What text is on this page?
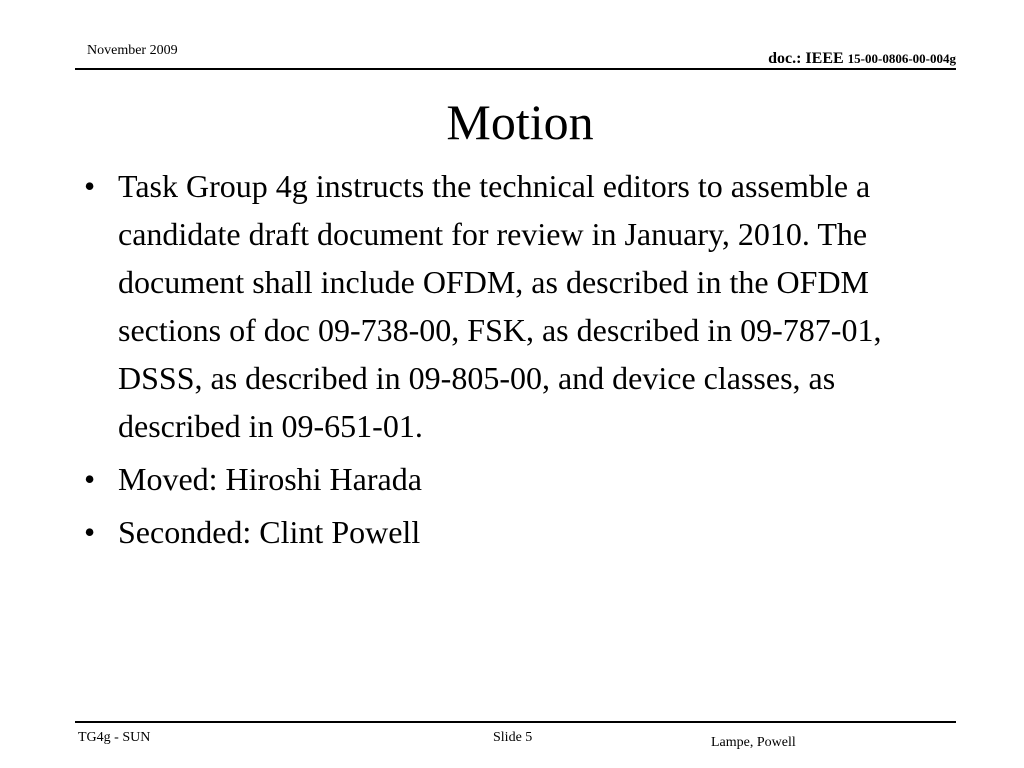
November 2009	doc.: IEEE 15-00-0806-00-004g
Motion
• Task Group 4g instructs the technical editors to assemble a candidate draft document for review in January, 2010. The document shall include OFDM, as described in the OFDM sections of doc 09-738-00, FSK, as described in 09-787-01, DSSS, as described in 09-805-00, and device classes, as described in 09-651-01.
• Moved: Hiroshi Harada
• Seconded: Clint Powell
TG4g - SUN	Slide 5	Lampe, Powell
